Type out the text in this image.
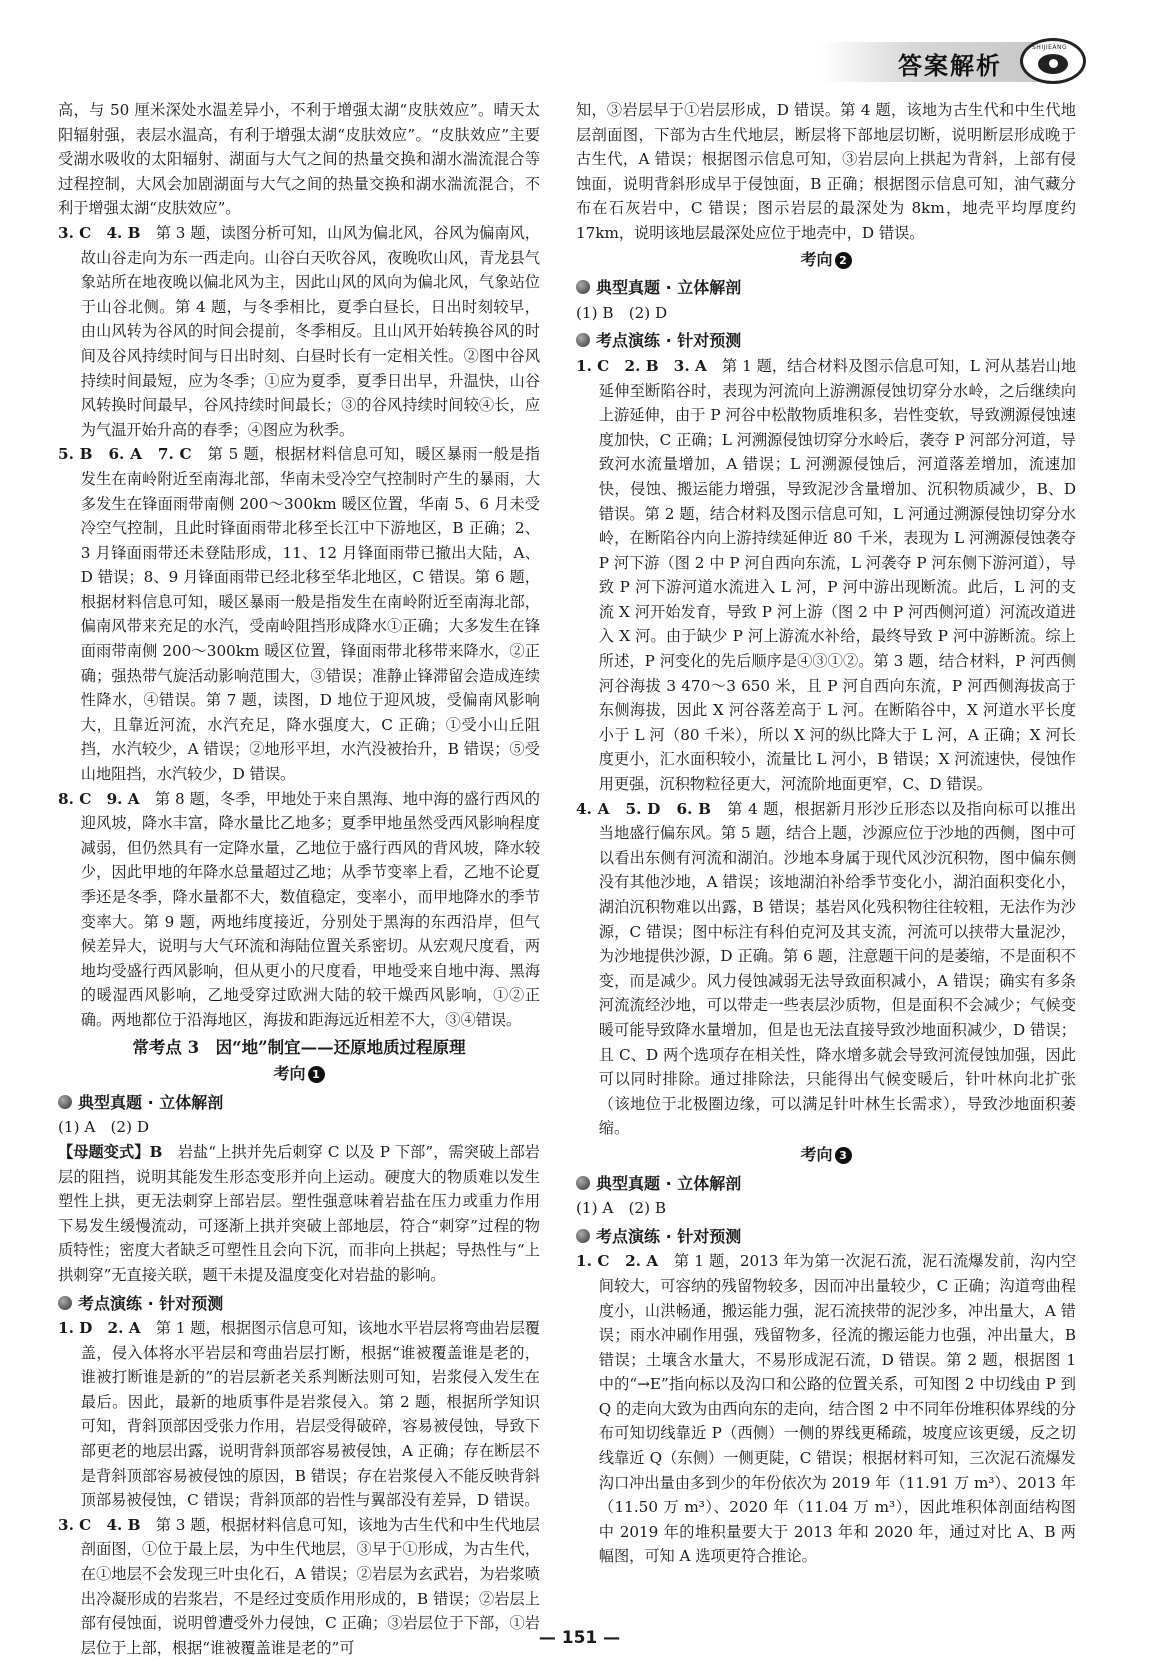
答案解析
SHIJIEANG

高，与 50 厘米深处水温差异小，不利于增强太湖“皮肤效应”。晴天太阳辐射强，表层水温高，有利于增强太湖“皮肤效应”。“皮肤效应”主要受湖水吸收的太阳辐射、湖面与大气之间的热量交换和湖水湍流混合等过程控制，大风会加剧湖面与大气之间的热量交换和湖水湍流混合，不利于增强太湖“皮肤效应”。

3. C　4. B　第 3 题，读图分析可知，山风为偏北风，谷风为偏南风，故山谷走向为东一西走向。山谷白天吹谷风，夜晚吹山风，青龙县气象站所在地夜晚以偏北风为主，因此山风的风向为偏北风，气象站位于山谷北侧。第 4 题，与冬季相比，夏季白昼长，日出时刻较早，由山风转为谷风的时间会提前，冬季相反。且山风开始转换谷风的时间及谷风持续时间与日出时刻、白昼时长有一定相关性。②图中谷风持续时间最短，应为冬季；①应为夏季，夏季日出早，升温快，山谷风转换时间最早，谷风持续时间最长；③的谷风持续时间较④长，应为气温开始升高的春季；④图应为秋季。

5. B　6. A　7. C　第 5 题，根据材料信息可知，暖区暴雨一般是指发生在南岭附近至南海北部，华南未受冷空气控制时产生的暴雨，大多发生在锋面雨带南侧 200～300km 暖区位置，华南 5、6 月未受冷空气控制，且此时锋面雨带北移至长江中下游地区，B 正确；2、3 月锋面雨带还未登陆形成，11、12 月锋面雨带已撤出大陆，A、D 错误；8、9 月锋面雨带已经北移至华北地区，C 错误。第 6 题，根据材料信息可知，暖区暴雨一般是指发生在南岭附近至南海北部，偏南风带来充足的水汽，受南岭阻挡形成降水①正确；大多发生在锋面雨带南侧 200～300km 暖区位置，锋面雨带北移带来降水，②正确；强热带气旋活动影响范围大，③错误；准静止锋滞留会造成连续性降水，④错误。第 7 题，读图，D 地位于迎风坡，受偏南风影响大，且靠近河流，水汽充足，降水强度大，C 正确；①受小山丘阻挡，水汽较少，A 错误；②地形平坦，水汽没被抬升，B 错误；⑤受山地阻挡，水汽较少，D 错误。

8. C　9. A　第 8 题，冬季，甲地处于来自黑海、地中海的盛行西风的迎风坡，降水丰富，降水量比乙地多；夏季甲地虽然受西风影响程度减弱，但仍然具有一定降水量，乙地位于盛行西风的背风坡，降水较少，因此甲地的年降水总量超过乙地；从季节变率上看，乙地不论夏季还是冬季，降水量都不大，数值稳定，变率小，而甲地降水的季节变率大。第 9 题，两地纬度接近，分别处于黑海的东西沿岸，但气候差异大，说明与大气环流和海陆位置关系密切。从宏观尺度看，两地均受盛行西风影响，但从更小的尺度看，甲地受来自地中海、黑海的暖湿西风影响，乙地受穿过欧洲大陆的较干燥西风影响，①②正确。两地都位于沿海地区，海拔和距海远近相差不大，③④错误。

常考点 3　因“地”制宜——还原地质过程原理
考向 1
典型真题 · 立体解剖

(1) A　(2) D

【母题变式】B　岩盐“上拱并先后刺穿 C 以及 P 下部”，需突破上部岩层的阻挡，说明其能发生形态变形并向上运动。硬度大的物质难以发生塑性上拱，更无法刺穿上部岩层。塑性强意味着岩盐在压力或重力作用下易发生缓慢流动，可逐渐上拱并突破上部地层，符合“刺穿”过程的物质特性；密度大者缺乏可塑性且会向下沉，而非向上拱起；导热性与“上拱刺穿”无直接关联，题干未提及温度变化对岩盐的影响。

考点演练 · 针对预测

1. D　2. A　第 1 题，根据图示信息可知，该地水平岩层将弯曲岩层覆盖，侵入体将水平岩层和弯曲岩层打断，根据“谁被覆盖谁是老的，谁被打断谁是新的”的岩层新老关系判断法则可知，岩浆侵入发生在最后。因此，最新的地质事件是岩浆侵入。第 2 题，根据所学知识可知，背斜顶部因受张力作用，岩层受得破碎，容易被侵蚀，导致下部更老的地层出露，说明背斜顶部容易被侵蚀，A 正确；存在断层不是背斜顶部容易被侵蚀的原因，B 错误；存在岩浆侵入不能反映背斜顶部易被侵蚀，C 错误；背斜顶部的岩性与翼部没有差异，D 错误。

3. C　4. B　第 3 题，根据材料信息可知，该地为古生代和中生代地层剖面图，①位于最上层，为中生代地层，③早于①形成，为古生代，在①地层不会发现三叶虫化石，A 错误；②岩层为玄武岩，为岩浆喷出冷凝形成的岩浆岩，不是经过变质作用形成的，B 错误；②岩层上部有侵蚀面，说明曾遭受外力侵蚀，C 正确；③岩层位于下部，①岩层位于上部，根据“谁被覆盖谁是老的”可

知，③岩层早于①岩层形成，D 错误。第 4 题，该地为古生代和中生代地层剖面图，下部为古生代地层，断层将下部地层切断，说明断层形成晚于古生代，A 错误；根据图示信息可知，③岩层向上拱起为背斜，上部有侵蚀面，说明背斜形成早于侵蚀面，B 正确；根据图示信息可知，油气藏分布在石灰岩中，C 错误；图示岩层的最深处为 8km，地壳平均厚度约 17km，说明该地层最深处应位于地壳中，D 错误。

考向 2
典型真题 · 立体解剖

(1) B　(2) D

考点演练 · 针对预测

1. C　2. B　3. A　第 1 题，结合材料及图示信息可知，L 河从基岩山地延伸至断陷谷时，表现为河流向上游溯源侵蚀切穿分水岭，之后继续向上游延伸，由于 P 河谷中松散物质堆积多，岩性变软，导致溯源侵蚀速度加快，C 正确；L 河溯源侵蚀切穿分水岭后，袭夺 P 河部分河道，导致河水流量增加，A 错误；L 河溯源侵蚀后，河道落差增加，流速加快，侵蚀、搬运能力增强，导致泥沙含量增加、沉积物质减少，B、D 错误。第 2 题，结合材料及图示信息可知，L 河通过溯源侵蚀切穿分水岭，在断陷谷内向上游持续延伸近 80 千米，表现为 L 河溯源侵蚀袭夺 P 河下游（图 2 中 P 河自西向东流，L 河袭夺 P 河东侧下游河道），导致 P 河下游河道水流进入 L 河，P 河中游出现断流。此后，L 河的支流 X 河开始发育，导致 P 河上游（图 2 中 P 河西侧河道）河流改道进入 X 河。由于缺少 P 河上游流水补给，最终导致 P 河中游断流。综上所述，P 河变化的先后顺序是④③①②。第 3 题，结合材料，P 河西侧河谷海拔 3 470～3 650 米，且 P 河自西向东流，P 河西侧海拔高于东侧海拔，因此 X 河谷落差高于 L 河。在断陷谷中，X 河道水平长度小于 L 河（80 千米），所以 X 河的纵比降大于 L 河，A 正确；X 河长度更小，汇水面积较小，流量比 L 河小，B 错误；X 河流速快，侵蚀作用更强，沉积物粒径更大，河流阶地面更窄，C、D 错误。

4. A　5. D　6. B　第 4 题，根据新月形沙丘形态以及指向标可以推出当地盛行偏东风。第 5 题，结合上题，沙源应位于沙地的西侧，图中可以看出东侧有河流和湖泊。沙地本身属于现代风沙沉积物，图中偏东侧没有其他沙地，A 错误；该地湖泊补给季节变化小，湖泊面积变化小，湖泊沉积物难以出露，B 错误；基岩风化残积物往往较粗，无法作为沙源，C 错误；图中标注有科伯克河及其支流，河流可以挟带大量泥沙，为沙地提供沙源，D 正确。第 6 题，注意题干问的是萎缩，不是面积不变，而是减少。风力侵蚀减弱无法导致面积减小，A 错误；确实有多条河流流经沙地，可以带走一些表层沙质物，但是面积不会减少；气候变暖可能导致降水量增加，但是也无法直接导致沙地面积减少，D 错误；且 C、D 两个选项存在相关性，降水增多就会导致河流侵蚀加强，因此可以同时排除。通过排除法，只能得出气候变暖后，针叶林向北扩张（该地位于北极圈边缘，可以满足针叶林生长需求），导致沙地面积萎缩。

考向 3
典型真题 · 立体解剖

(1) A　(2) B

考点演练 · 针对预测

1. C　2. A　第 1 题，2013 年为第一次泥石流，泥石流爆发前，沟内空间较大，可容纳的残留物较多，因而冲出量较少，C 正确；沟道弯曲程度小，山洪畅通，搬运能力强，泥石流挟带的泥沙多，冲出量大，A 错误；雨水冲刷作用强，残留物多，径流的搬运能力也强，冲出量大，B 错误；土壤含水量大，不易形成泥石流，D 错误。第 2 题，根据图 1 中的“→E”指向标以及沟口和公路的位置关系，可知图 2 中切线由 P 到 Q 的走向大致为由西向东的走向，结合图 2 中不同年份堆积体界线的分布可知切线靠近 P（西侧）一侧的界线更稀疏，坡度应该更缓，反之切线靠近 Q（东侧）一侧更陡，C 错误；根据材料可知，三次泥石流爆发沟口冲出量由多到少的年份依次为 2019 年（11.91 万 m³）、2013 年（11.50 万 m³）、2020 年（11.04 万 m³），因此堆积体剖面结构图中 2019 年的堆积量要大于 2013 年和 2020 年，通过对比 A、B 两幅图，可知 A 选项更符合推论。

— 151 —
